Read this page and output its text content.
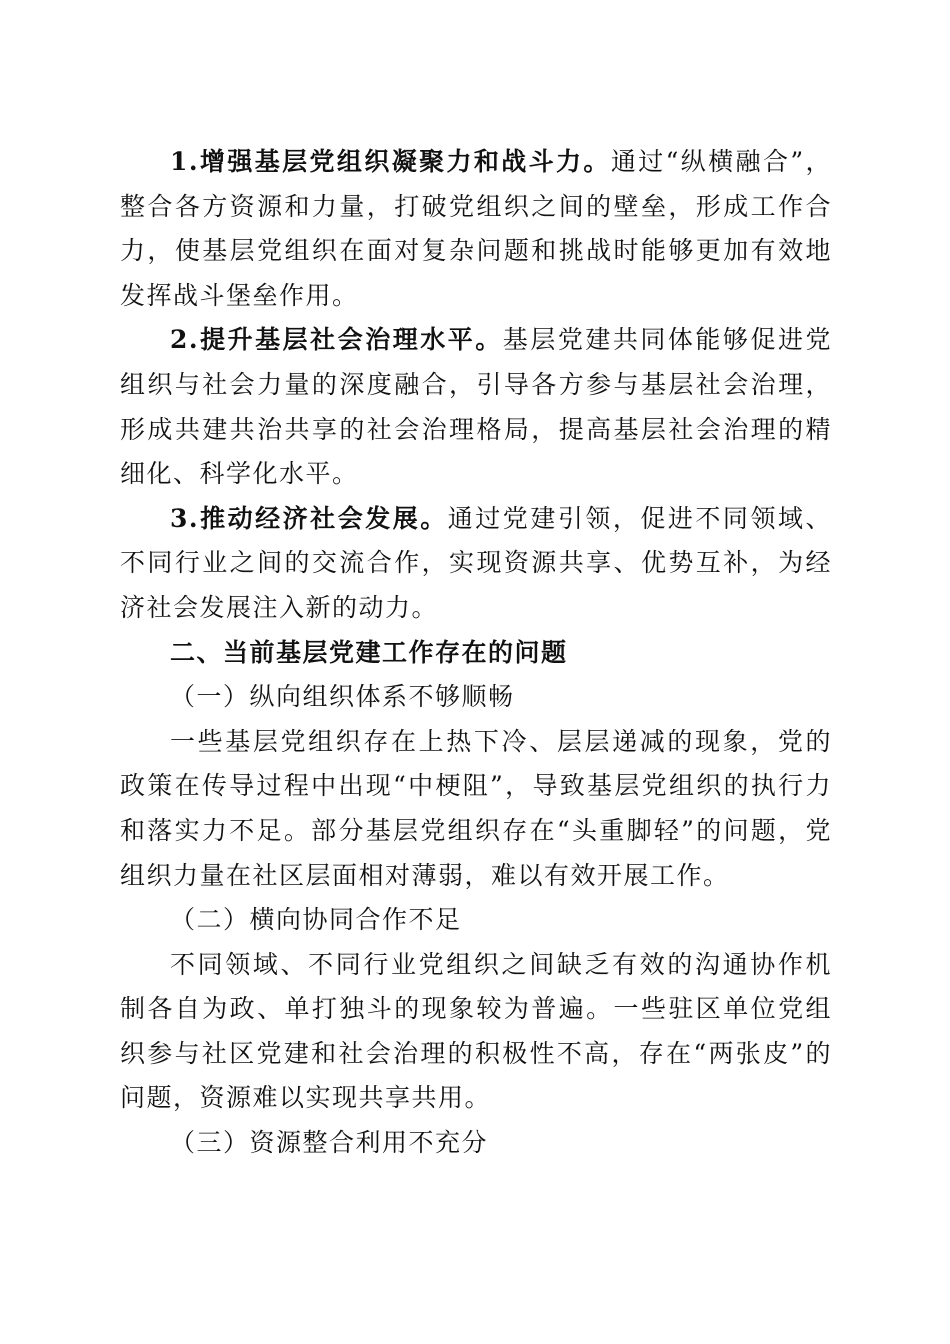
1.增强基层党组织凝聚力和战斗力。通过“纵横融合”，整合各方资源和力量，打破党组织之间的壁垒，形成工作合力，使基层党组织在面对复杂问题和挑战时能够更加有效地发挥战斗堡垒作用。

2.提升基层社会治理水平。基层党建共同体能够促进党组织与社会力量的深度融合，引导各方参与基层社会治理，形成共建共治共享的社会治理格局，提高基层社会治理的精细化、科学化水平。

3.推动经济社会发展。通过党建引领，促进不同领域、不同行业之间的交流合作，实现资源共享、优势互补，为经济社会发展注入新的动力。

二、当前基层党建工作存在的问题

（一）纵向组织体系不够顺畅

一些基层党组织存在上热下冷、层层递减的现象，党的政策在传导过程中出现“中梗阻”，导致基层党组织的执行力和落实力不足。部分基层党组织存在“头重脚轻”的问题，党组织力量在社区层面相对薄弱，难以有效开展工作。

（二）横向协同合作不足

不同领域、不同行业党组织之间缺乏有效的沟通协作机制各自为政、单打独斗的现象较为普遍。一些驻区单位党组织参与社区党建和社会治理的积极性不高，存在“两张皮”的问题，资源难以实现共享共用。

（三）资源整合利用不充分
